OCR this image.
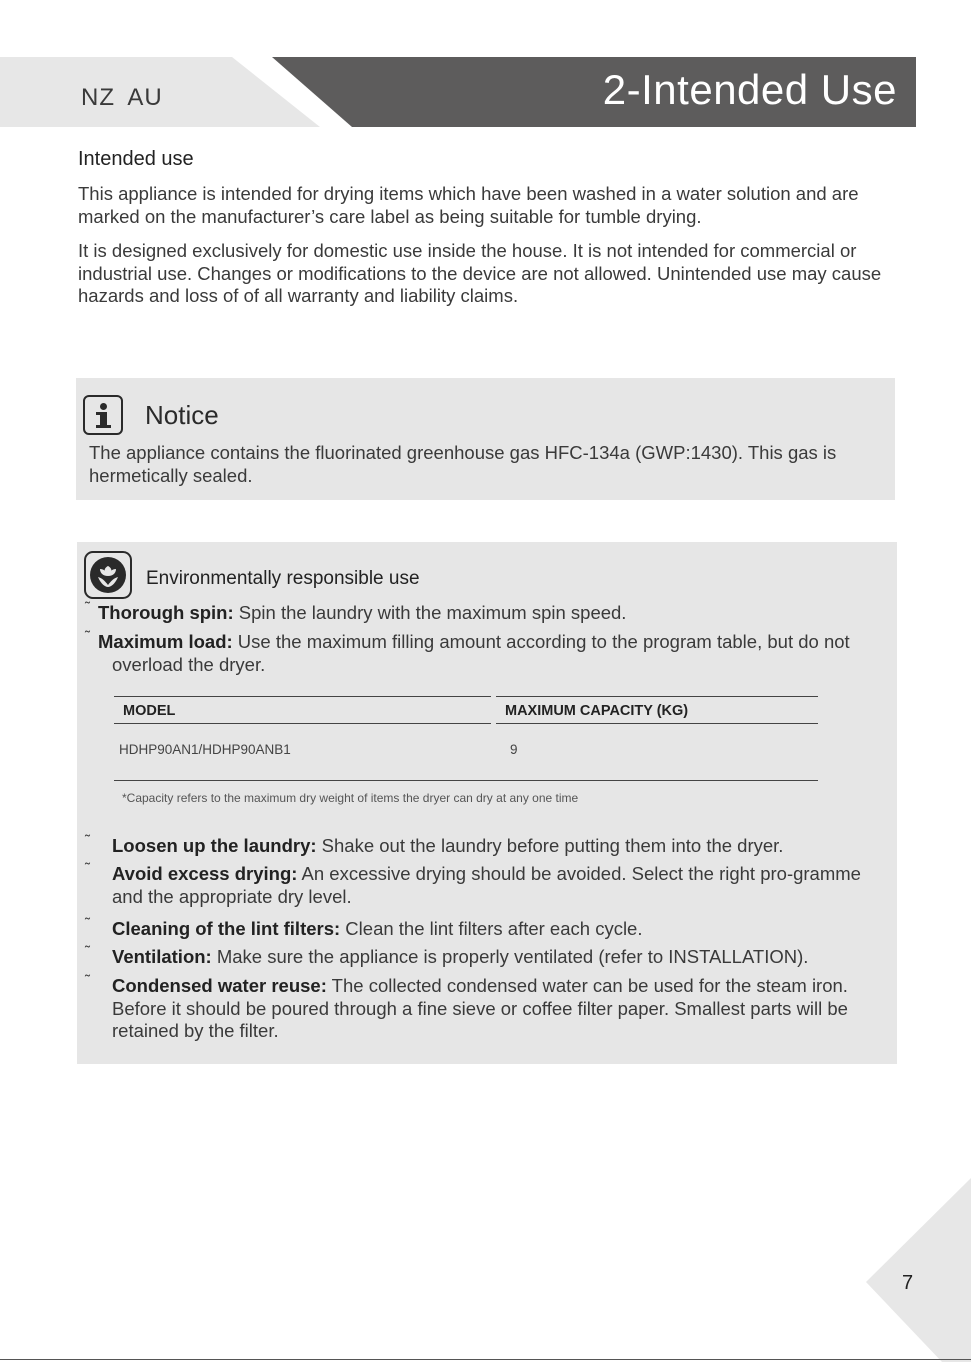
NZ AU	2-Intended Use
Intended use

This appliance is intended for drying items which have been washed in a water solution and are marked on the manufacturer’s care label as being suitable for tumble drying.

It is designed exclusively for domestic use inside the house. It is not intended for commercial or industrial use. Changes or modifications to the device are not allowed. Unintended use may cause hazards and loss of of all warranty and liability claims.

Notice
The appliance contains the fluorinated greenhouse gas HFC-134a (GWP:1430). This gas is hermetically sealed.
Environmentally responsible use
˜ Thorough spin: Spin the laundry with the maximum spin speed.
˜ Maximum load: Use the maximum filling amount according to the program table, but do not overload the dryer.
MODEL	MAXIMUM CAPACITY (KG)
HDHP90AN1/HDHP90ANB1	9
*Capacity refers to the maximum dry weight of items the dryer can dry at any one time
˜	Loosen up the laundry: Shake out the laundry before putting them into the dryer.
˜	Avoid excess drying: An excessive drying should be avoided. Select the right pro-gramme and the appropriate dry level.
˜	Cleaning of the lint filters: Clean the lint filters after each cycle.
˜	Ventilation: Make sure the appliance is properly ventilated (refer to INSTALLATION).
˜	Condensed water reuse: The collected condensed water can be used for the steam iron. Before it should be poured through a fine sieve or coffee filter paper. Smallest parts will be retained by the filter.
7
